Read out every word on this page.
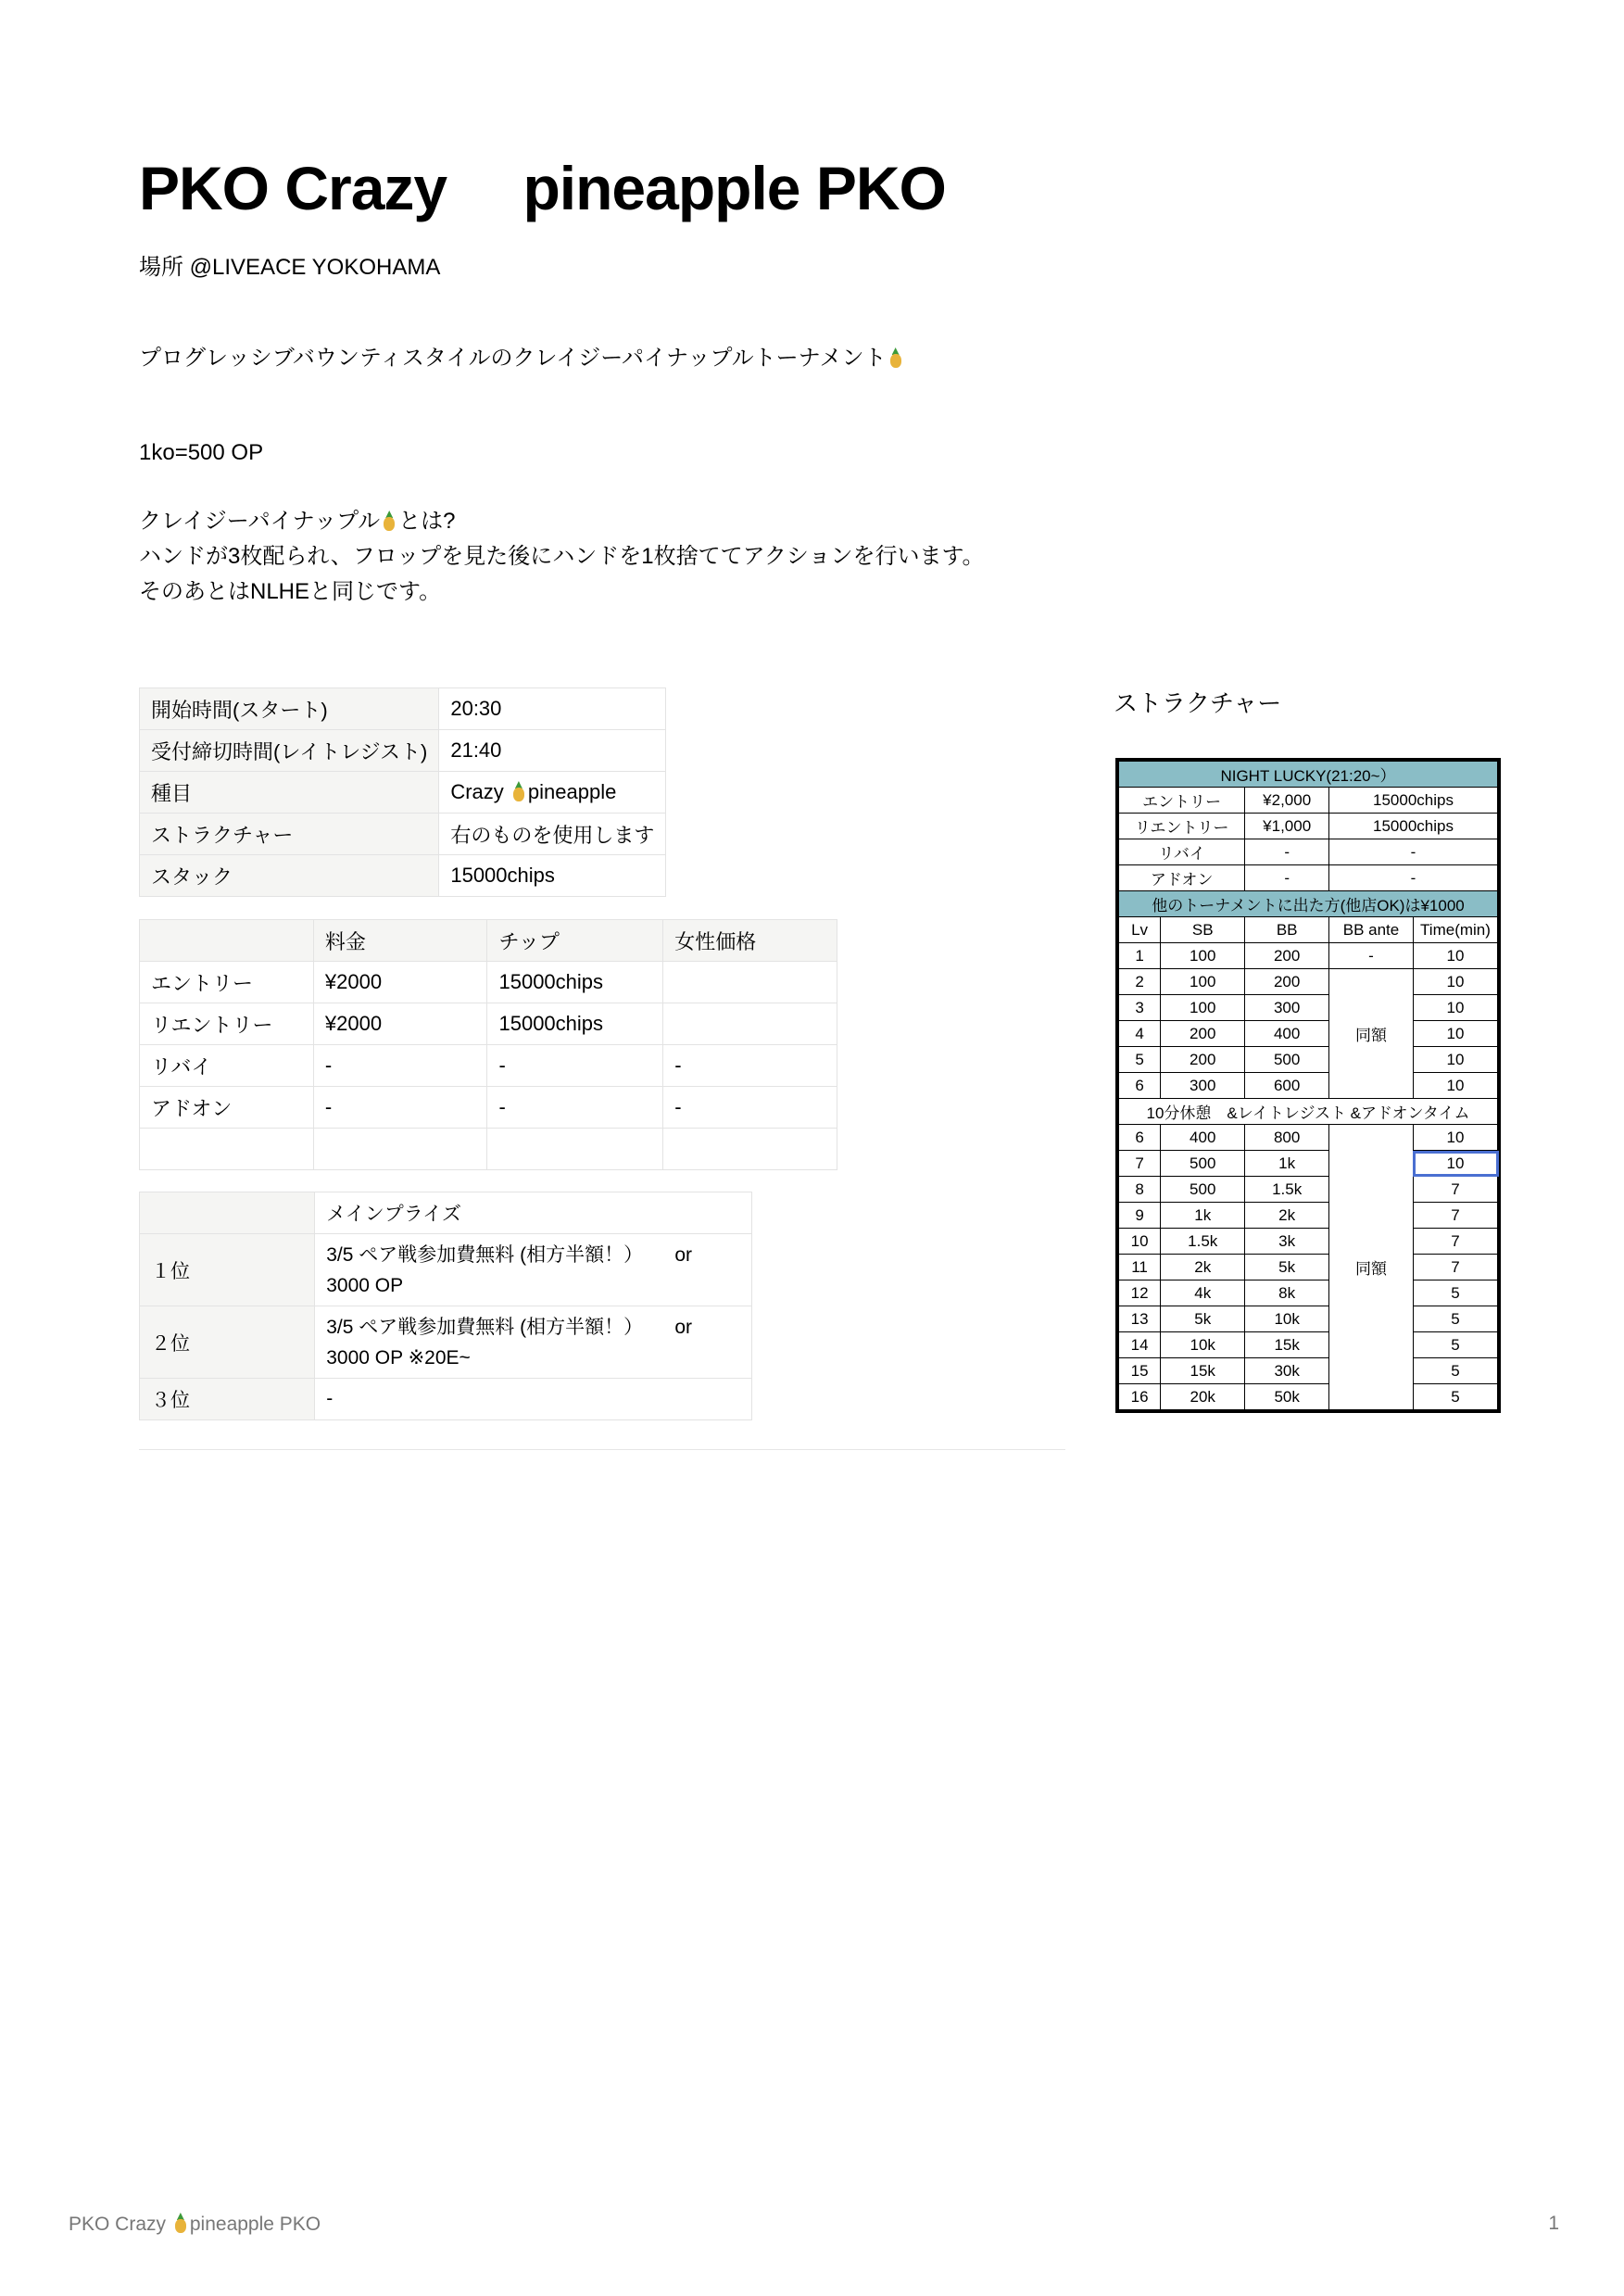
PKO Crazy 　pineapple PKO
場所 @LIVEACE YOKOHAMA
プログレッシブバウンティスタイルのクレイジーパイナップルトーナメント
1ko=500 OP
クレイジーパイナップル とは?
ハンドが3枚配られ、フロップを見た後にハンドを1枚捨ててアクションを行います。
そのあとはNLHEと同じです。
開始時間(スタート)	20:30
受付締切時間(レイトレジスト)	21:40
種目	Crazy pineapple
ストラクチャー	右のものを使用します
スタック	15000chips
	料金	チップ	女性価格
エントリー	¥2000	15000chips	
リエントリー	¥2000	15000chips	
リバイ	-	-	-
アドオン	-	-	-

	メインプライズ
１位	3/5 ペア戦参加費無料 (相方半額！） or
3000 OP

２位	3/5 ペア戦参加費無料 (相方半額！） or
3000 OP ※20E~

３位	-
ストラクチャー
NIGHT LUCKY(21:20~）				
エントリー		¥2,000	15000chips	
リエントリー		¥1,000	15000chips	
リバイ		-	-	
アドオン		-	-	
他のトーナメントに出た方(他店OK)は¥1000				
Lv	SB	BB	BB ante	Time(min)
1	100	200	-	10
2	100	200	同額	10
3	100	300		10
4	200	400		10
5	200	500		10
6	300	600		10
10分休憩　&レイトレジスト &アドオンタイム				
6	400	800	同額	10
7	500	1k		10
8	500	1.5k		7
9	1k	2k		7
10	1.5k	3k		7
11	2k	5k		7
12	4k	8k		5
13	5k	10k		5
14	10k	15k		5
15	15k	30k		5
16	20k	50k		5
PKO Crazy pineapple PKO	1
